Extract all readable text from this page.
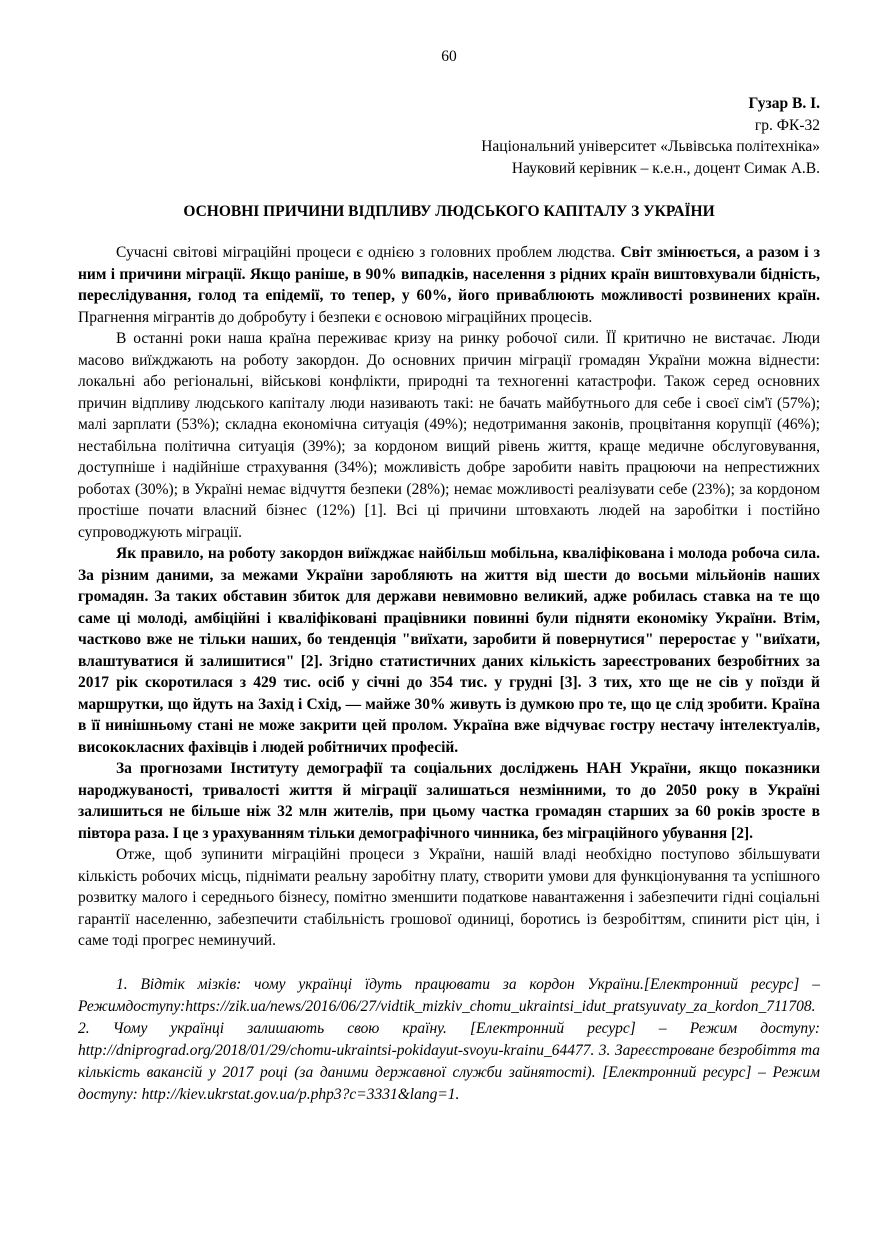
60
Гузар В. І.
гр. ФК-32
Національний університет «Львівська політехніка»
Науковий керівник – к.е.н., доцент Симак А.В.
ОСНОВНІ ПРИЧИНИ ВІДПЛИВУ ЛЮДСЬКОГО КАПІТАЛУ З УКРАЇНИ

Сучасні світові міграційні процеси є однією з головних проблем людства. Світ змінюється, а разом і з ним і причини міграції. Якщо раніше, в 90% випадків, населення з рідних країн виштовхували бідність, переслідування, голод та епідемії, то тепер, у 60%, його приваблюють можливості розвинених країн. Прагнення мігрантів до добробуту і безпеки є основою міграційних процесів.

В останні роки наша країна переживає кризу на ринку робочої сили. ЇЇ критично не вистачає. Люди масово виїжджають на роботу закордон. До основних причин міграції громадян України можна віднести: локальні або регіональні, військові конфлікти, природні та техногенні катастрофи. Також серед основних причин відпливу людського капіталу люди називають такі: не бачать майбутнього для себе і своєї сім'ї (57%); малі зарплати (53%); складна економічна ситуація (49%); недотримання законів, процвітання корупції (46%); нестабільна політична ситуація (39%); за кордоном вищий рівень життя, краще медичне обслуговування, доступніше і надійніше страхування (34%); можливість добре заробити навіть працюючи на непрестижних роботах (30%); в Україні немає відчуття безпеки (28%); немає можливості реалізувати себе (23%); за кордоном простіше почати власний бізнес (12%) [1]. Всі ці причини штовхають людей на заробітки і постійно супроводжують міграції.

Як правило, на роботу закордон виїжджає найбільш мобільна, кваліфікована і молода робоча сила. За різним даними, за межами України заробляють на життя від шести до восьми мільйонів наших громадян. За таких обставин збиток для держави невимовно великий, адже робилась ставка на те що саме ці молоді, амбіційні і кваліфіковані працівники повинні були підняти економіку України. Втім, частково вже не тільки наших, бо тенденція "виїхати, заробити й повернутися" переростає у "виїхати, влаштуватися й залишитися" [2]. Згідно статистичних даних кількість зареєстрованих безробітних за 2017 рік скоротилася з 429 тис. осіб у січні до 354 тис. у грудні [3]. З тих, хто ще не сів у поїзди й маршрутки, що йдуть на Захід і Схід, — майже 30% живуть із думкою про те, що це слід зробити. Країна в її нинішньому стані не може закрити цей пролом. Україна вже відчуває гостру нестачу інтелектуалів, висококласних фахівців і людей робітничих професій.

За прогнозами Інституту демографії та соціальних досліджень НАН України, якщо показники народжуваності, тривалості життя й міграції залишаться незмінними, то до 2050 року в Україні залишиться не більше ніж 32 млн жителів, при цьому частка громадян старших за 60 років зросте в півтора раза. І це з урахуванням тільки демографічного чинника, без міграційного убування [2].

Отже, щоб зупинити міграційні процеси з України, нашій владі необхідно поступово збільшувати кількість робочих місць, піднімати реальну заробітну плату, створити умови для функціонування та успішного розвитку малого і середнього бізнесу, помітно зменшити податкове навантаження і забезпечити гідні соціальні гарантії населенню, забезпечити стабільність грошової одиниці, боротись із безробіттям, спинити ріст цін, і саме тоді прогрес неминучий.

1. Відтік мізків: чому українці їдуть працювати за кордон України.[Електронний ресурс] – Режимдоступу:https://zik.ua/news/2016/06/27/vidtik_mizkiv_chomu_ukraintsi_idut_pratsyuvaty_za_kordon_711708. 2. Чому українці залишають свою країну. [Електронний ресурс] – Режим доступу: http://dniprograd.org/2018/01/29/chomu-ukraintsi-pokidayut-svoyu-krainu_64477. 3. Зареєстроване безробіття та кількість вакансій у 2017 році (за даними державної служби зайнятості). [Електронний ресурс] – Режим доступу: http://kiev.ukrstat.gov.ua/p.php3?c=3331&lang=1.
